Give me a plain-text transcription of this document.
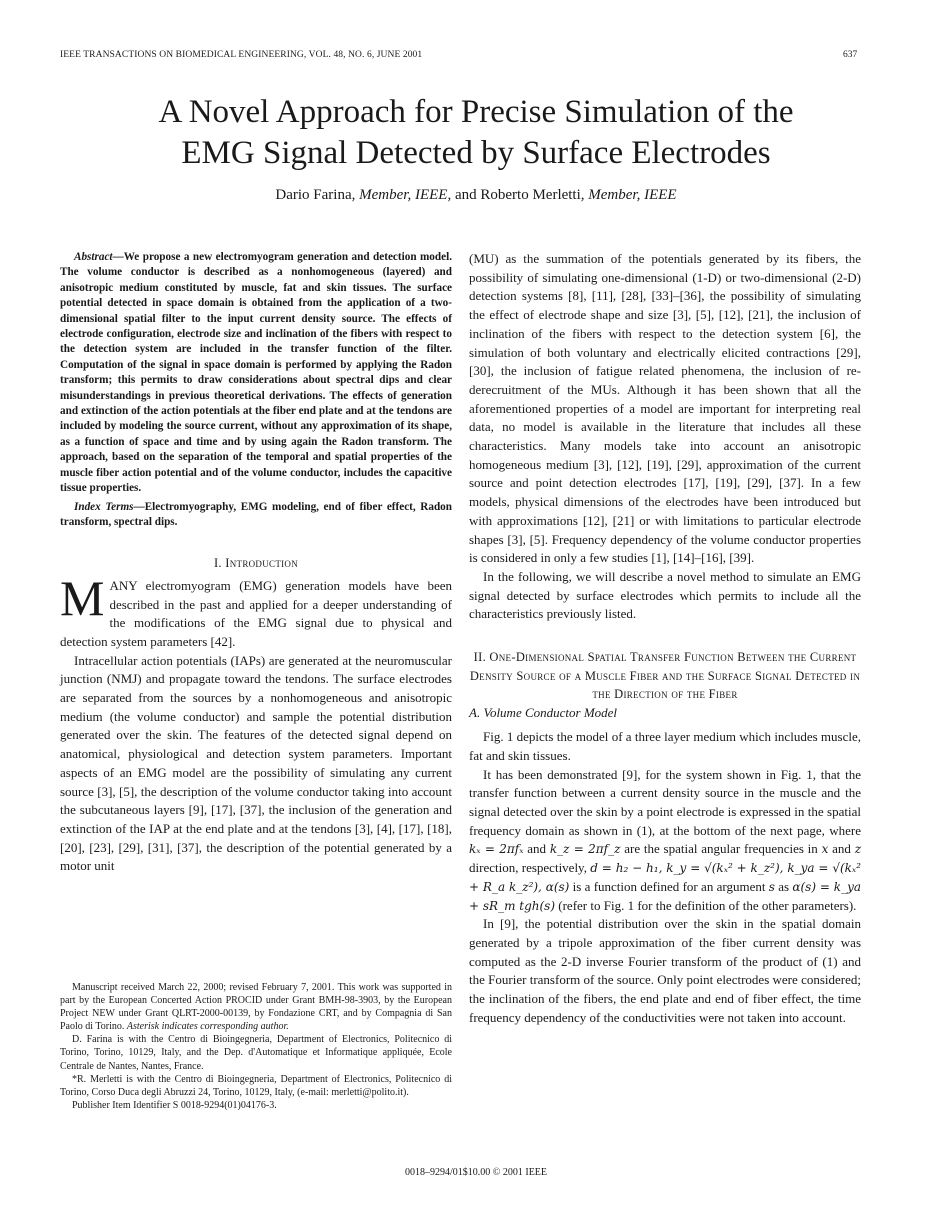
IEEE TRANSACTIONS ON BIOMEDICAL ENGINEERING, VOL. 48, NO. 6, JUNE 2001	637
A Novel Approach for Precise Simulation of the
EMG Signal Detected by Surface Electrodes
Dario Farina, Member, IEEE, and Roberto Merletti, Member, IEEE

Abstract—We propose a new electromyogram generation and detection model. The volume conductor is described as a nonhomogeneous (layered) and anisotropic medium constituted by muscle, fat and skin tissues. The surface potential detected in space domain is obtained from the application of a two-dimensional spatial filter to the input current density source. The effects of electrode configuration, electrode size and inclination of the fibers with respect to the detection system are included in the transfer function of the filter. Computation of the signal in space domain is performed by applying the Radon transform; this permits to draw considerations about spectral dips and clear misunderstandings in previous theoretical derivations. The effects of generation and extinction of the action potentials at the fiber end plate and at the tendons are included by modeling the source current, without any approximation of its shape, as a function of space and time and by using again the Radon transform. The approach, based on the separation of the temporal and spatial properties of the muscle fiber action potential and of the volume conductor, includes the capacitive tissue properties.

Index Terms—Electromyography, EMG modeling, end of fiber effect, Radon transform, spectral dips.

I. Introduction

MANY electromyogram (EMG) generation models have been described in the past and applied for a deeper understanding of the modifications of the EMG signal due to physical and detection system parameters [42].

Intracellular action potentials (IAPs) are generated at the neuromuscular junction (NMJ) and propagate toward the tendons. The surface electrodes are separated from the sources by a nonhomogeneous and anisotropic medium (the volume conductor) and sample the potential distribution generated over the skin. The features of the detected signal depend on anatomical, physiological and detection system parameters. Important aspects of an EMG model are the possibility of simulating any current source [3], [5], the description of the volume conductor taking into account the subcutaneous layers [9], [17], [37], the inclusion of the generation and extinction of the IAP at the end plate and at the tendons [3], [4], [17], [18], [20], [23], [29], [31], [37], the description of the potential generated by a motor unit

Manuscript received March 22, 2000; revised February 7, 2001. This work was supported in part by the European Concerted Action PROCID under Grant BMH-98-3903, by the European Project NEW under Grant QLRT-2000-00139, by Fondazione CRT, and by Compagnia di San Paolo di Torino. Asterisk indicates corresponding author.

D. Farina is with the Centro di Bioingegneria, Department of Electronics, Politecnico di Torino, Torino, 10129, Italy, and the Dep. d'Automatique et Informatique appliquée, Ecole Centrale de Nantes, Nantes, France.

*R. Merletti is with the Centro di Bioingegneria, Department of Electronics, Politecnico di Torino, Corso Duca degli Abruzzi 24, Torino, 10129, Italy, (e-mail: merletti@polito.it).

Publisher Item Identifier S 0018-9294(01)04176-3.

(MU) as the summation of the potentials generated by its fibers, the possibility of simulating one-dimensional (1-D) or two-dimensional (2-D) detection systems [8], [11], [28], [33]–[36], the possibility of simulating the effect of electrode shape and size [3], [5], [12], [21], the inclusion of inclination of the fibers with respect to the detection system [6], the simulation of both voluntary and electrically elicited contractions [29], [30], the inclusion of fatigue related phenomena, the inclusion of re-derecruitment of the MUs. Although it has been shown that all the aforementioned properties of a model are important for interpreting real data, no model is available in the literature that includes all these characteristics. Many models take into account an anisotropic homogeneous medium [3], [12], [19], [29], approximation of the current source and point detection electrodes [17], [19], [29], [37]. In a few models, physical dimensions of the electrodes have been introduced but with approximations [12], [21] or with limitations to particular electrode shapes [3], [5]. Frequency dependency of the volume conductor properties is considered in only a few studies [1], [14]–[16], [39].

In the following, we will describe a novel method to simulate an EMG signal detected by surface electrodes which permits to include all the characteristics previously listed.

II. One-Dimensional Spatial Transfer Function Between the Current Density Source of a Muscle Fiber and the Surface Signal Detected in the Direction of the Fiber

A. Volume Conductor Model

Fig. 1 depicts the model of a three layer medium which includes muscle, fat and skin tissues.

It has been demonstrated [9], for the system shown in Fig. 1, that the transfer function between a current density source in the muscle and the signal detected over the skin by a point electrode is expressed in the spatial frequency domain as shown in (1), at the bottom of the next page, where kₓ = 2πfₓ and k_z = 2πf_z are the spatial angular frequencies in x and z direction, respectively, d = h₂ − h₁, k_y = √(kₓ² + k_z²), k_ya = √(kₓ² + R_a k_z²), α(s) is a function defined for an argument s as α(s) = k_ya + sR_m tgh(s) (refer to Fig. 1 for the definition of the other parameters).

In [9], the potential distribution over the skin in the spatial domain generated by a tripole approximation of the fiber current density was computed as the 2-D inverse Fourier transform of the product of (1) and the Fourier transform of the source. Only point electrodes were considered; the inclination of the fibers, the end plate and end of fiber effect, the time frequency dependency of the conductivities were not taken into account.

0018–9294/01$10.00 © 2001 IEEE
